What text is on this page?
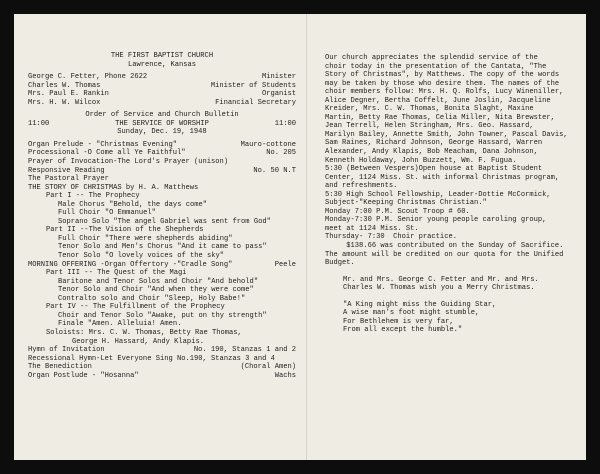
THE FIRST BAPTIST CHURCH
Lawrence, Kansas
George C. Fetter, Phone 2622	Minister
Charles W. Thomas	Minister of Students
Mrs. Paul E. Rankin	Organist
Mrs. H. W. Wilcox	Financial Secretary
Order of Service and Church Bulletin
11:00	THE SERVICE OF WORSHIP	11:00
Sunday, Dec. 19, 1948
Organ Prelude - "Christmas Evening"	Mauro-cottone
Processional -O Come all Ye Faithful"	No. 205
Prayer of Invocation-The Lord's Prayer (unison)
Responsive Reading	No. 50 N.T
The Pastoral Prayer
THE STORY OF CHRISTMAS by H. A. Matthews
Part I -- The Prophecy
Male Chorus "Behold, the days come"
Full Choir "O Emmanuel"
Soprano Solo "The angel Gabriel was sent from God"
Part II --The Vision of the Shepherds
Full Choir "There were shepherds abiding"
Tenor Solo and Men's Chorus "And it came to pass"
Tenor Solo "O lovely voices of the sky"
MORNING OFFERING -Organ Offertory -"Cradle Song"	Peele
Part III -- The Quest of the Magi
Baritone and Tenor Solos and Choir "And behold"
Tenor Solo and Choir "And when they were come"
Contralto solo and Choir "Sleep, Holy Babe!"
Part IV -- The Fulfillment of the Prophecy
Choir and Tenor Solo "Awake, put on thy strength"
Finale "Amen. Alleluia! Amen.
Soloists: Mrs. C. W. Thomas, Betty Rae Thomas,
George H. Hassard, Andy Klapis.
Hymn of Invitation	No. 190, Stanzas 1 and 2
Recessional Hymn-Let Everyone Sing No.190, Stanzas 3 and 4
The Benediction	(Choral Amen)
Organ Postlude - "Hosanna"	Wachs
Our church appreciates the splendid service of the
choir today in the presentation of the Cantata, "The
Story of Christmas", by Matthews. The copy of the words
may be taken by those who desire them. The names of the
choir members follow: Mrs. H. Q. Rolfs, Lucy Wineniller,
Alice Degner, Bertha Coffelt, June Joslin, Jacqueline
Kreider, Mrs. C. W. Thomas, Bonita Slaght, Maxine
Martin, Betty Rae Thomas, Celia Miller, Nita Brewster,
Jean Terrell, Helen Stringham, Mrs. Geo. Hassard,
Marilyn Bailey, Annette Smith, John Towner, Pascal Davis,
Sam Raines, Richard Johnson, George Hassard, Warren
Alexander, Andy Klapis, Bob Meacham, Dana Johnson,
Kenneth Holdaway, John Buzzett, Wm. F. Fugua.
5:30 (Between Vespers)Open house at Baptist Student
Center, 1124 Miss. St. with informal Christmas program,
and refreshments.
5:30 High School Fellowship, Leader-Dottie McCormick,
Subject-"Keeping Christmas Christian."
Monday 7:00 P.M. Scout Troop # 60.
Monday-7:30 P.M. Senior young people caroling group,
meet at 1124 Miss. St.
Thursday- 7:30  Choir practice.
$138.66 was contributed on the Sunday of Sacrifice.
The amount will be credited on our quota for the Unified
Budget.
Mr. and Mrs. George C. Fetter and Mr. and Mrs.
Charles W. Thomas wish you a Merry Christmas.
"A King might miss the Guiding Star,
A wise man's foot might stumble,
For Bethlehem is very far,
From all except the humble."
